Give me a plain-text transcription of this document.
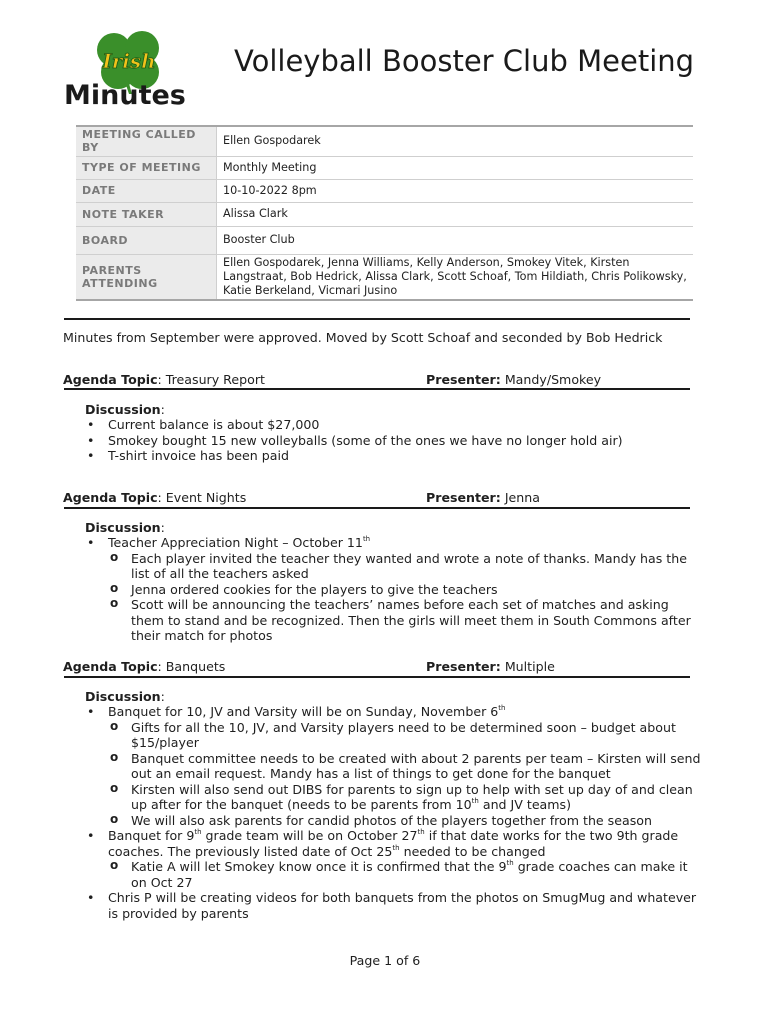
Irish	Volleyball Booster Club Meeting
Minutes
MEETING CALLED BY	Ellen Gospodarek
TYPE OF MEETING	Monthly Meeting
DATE	10-10-2022 8pm
NOTE TAKER	Alissa Clark
BOARD	Booster Club
PARENTS ATTENDING	Ellen Gospodarek, Jenna Williams, Kelly Anderson, Smokey Vitek, Kirsten Langstraat, Bob Hedrick, Alissa Clark, Scott Schoaf, Tom Hildiath, Chris Polikowsky, Katie Berkeland, Vicmari Jusino
Minutes from September were approved. Moved by Scott Schoaf and seconded by Bob Hedrick
Agenda Topic: Treasury Report	Presenter: Mandy/Smokey
Discussion:
• Current balance is about $27,000
• Smokey bought 15 new volleyballs (some of the ones we have no longer hold air)
• T-shirt invoice has been paid
Agenda Topic: Event Nights	Presenter: Jenna
Discussion:
• Teacher Appreciation Night – October 11th
o Each player invited the teacher they wanted and wrote a note of thanks. Mandy has the list of all the teachers asked
o Jenna ordered cookies for the players to give the teachers
o Scott will be announcing the teachers’ names before each set of matches and asking them to stand and be recognized. Then the girls will meet them in South Commons after their match for photos
Agenda Topic: Banquets	Presenter: Multiple
Discussion:
• Banquet for 10, JV and Varsity will be on Sunday, November 6th
o Gifts for all the 10, JV, and Varsity players need to be determined soon – budget about $15/player
o Banquet committee needs to be created with about 2 parents per team – Kirsten will send out an email request. Mandy has a list of things to get done for the banquet
o Kirsten will also send out DIBS for parents to sign up to help with set up day of and clean up after for the banquet (needs to be parents from 10th and JV teams)
o We will also ask parents for candid photos of the players together from the season
• Banquet for 9th grade team will be on October 27th if that date works for the two 9th grade coaches. The previously listed date of Oct 25th needed to be changed
o Katie A will let Smokey know once it is confirmed that the 9th grade coaches can make it on Oct 27
• Chris P will be creating videos for both banquets from the photos on SmugMug and whatever is provided by parents
Page 1 of 6
